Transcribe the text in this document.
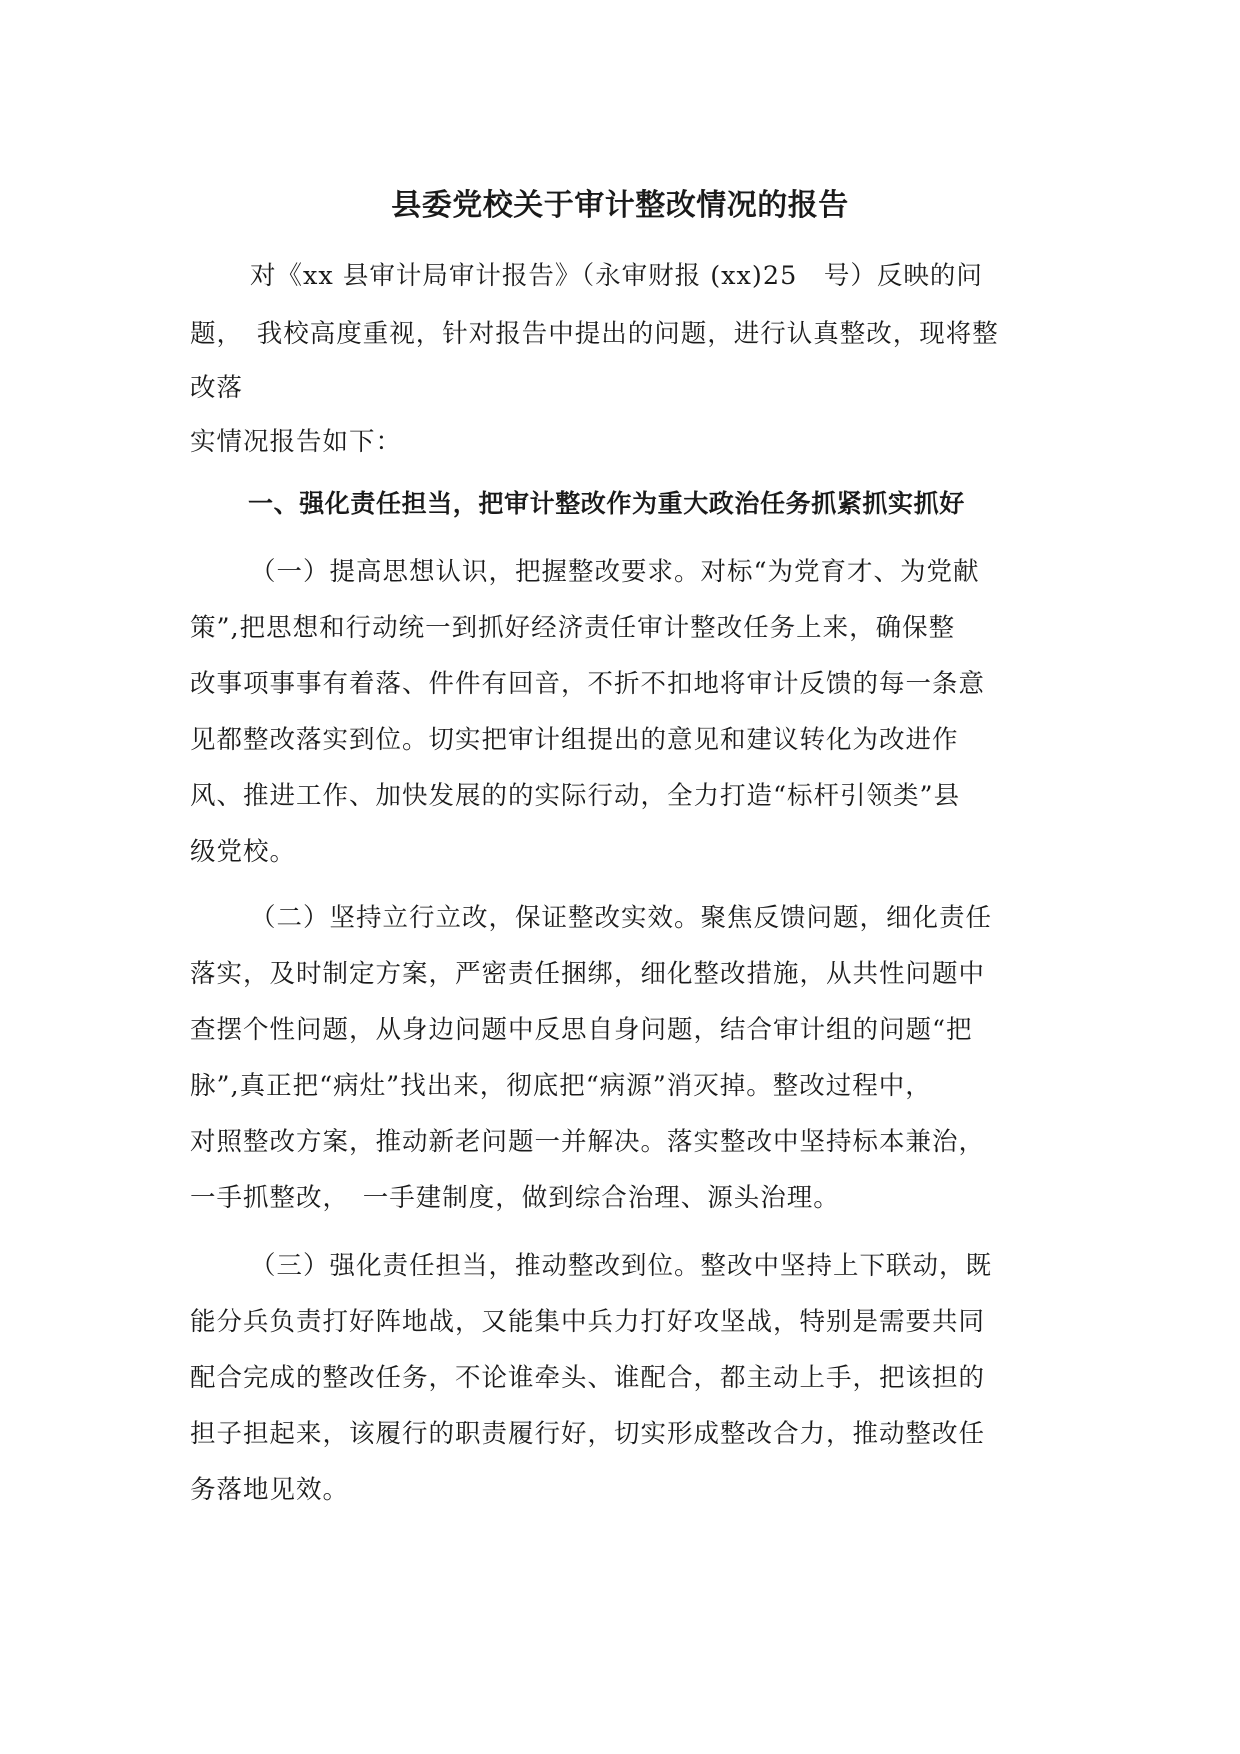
县委党校关于审计整改情况的报告
对《xx 县审计局审计报告》（永审财报 (xx)25　号）反映的问
题，　我校高度重视，针对报告中提出的问题，进行认真整改，现将整
改落
实情况报告如下：
一、强化责任担当，把审计整改作为重大政治任务抓紧抓实抓好
（一）提高思想认识，把握整改要求。对标“为党育才、为党献
策”,把思想和行动统一到抓好经济责任审计整改任务上来，确保整
改事项事事有着落、件件有回音，不折不扣地将审计反馈的每一条意
见都整改落实到位。切实把审计组提出的意见和建议转化为改进作
风、推进工作、加快发展的的实际行动，全力打造“标杆引领类”县
级党校。
（二）坚持立行立改，保证整改实效。聚焦反馈问题，细化责任
落实，及时制定方案，严密责任捆绑，细化整改措施，从共性问题中
查摆个性问题，从身边问题中反思自身问题，结合审计组的问题“把
脉”,真正把“病灶”找出来，彻底把“病源”消灭掉。整改过程中，
对照整改方案，推动新老问题一并解决。落实整改中坚持标本兼治，
一手抓整改，　一手建制度，做到综合治理、源头治理。
（三）强化责任担当，推动整改到位。整改中坚持上下联动，既
能分兵负责打好阵地战，又能集中兵力打好攻坚战，特别是需要共同
配合完成的整改任务，不论谁牵头、谁配合，都主动上手，把该担的
担子担起来，该履行的职责履行好，切实形成整改合力，推动整改任
务落地见效。
